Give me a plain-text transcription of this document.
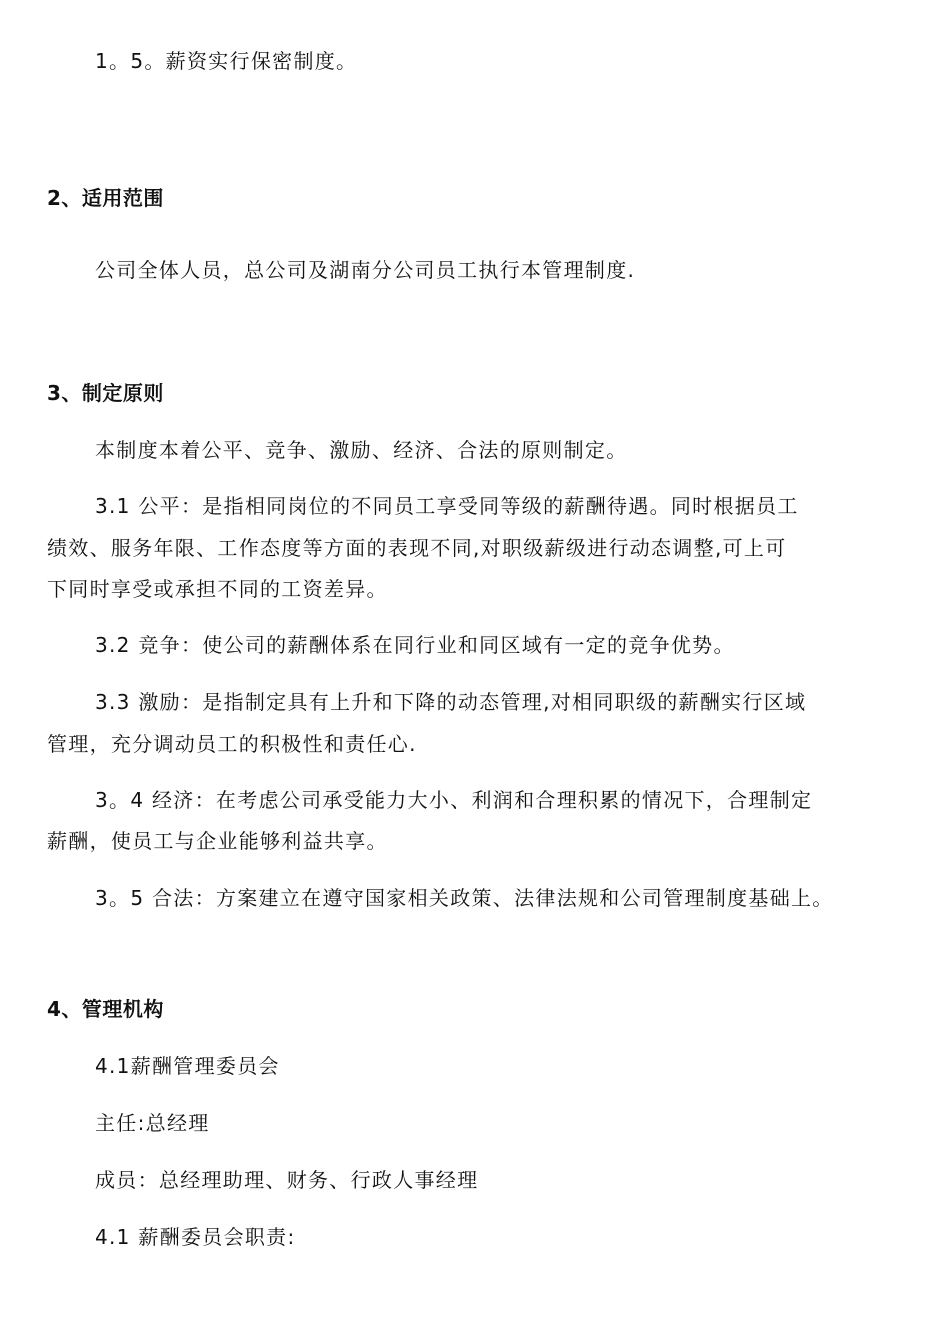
1。5。薪资实行保密制度。

2、适用范围

公司全体人员，总公司及湖南分公司员工执行本管理制度.

3、制定原则

本制度本着公平、竞争、激励、经济、合法的原则制定。

3.1 公平：是指相同岗位的不同员工享受同等级的薪酬待遇。同时根据员工

绩效、服务年限、工作态度等方面的表现不同,对职级薪级进行动态调整,可上可

下同时享受或承担不同的工资差异。

3.2 竞争：使公司的薪酬体系在同行业和同区域有一定的竞争优势。

3.3 激励：是指制定具有上升和下降的动态管理,对相同职级的薪酬实行区域

管理，充分调动员工的积极性和责任心.

3。4 经济：在考虑公司承受能力大小、利润和合理积累的情况下，合理制定

薪酬，使员工与企业能够利益共享。

3。5 合法：方案建立在遵守国家相关政策、法律法规和公司管理制度基础上。

4、管理机构

4.1薪酬管理委员会

主任:总经理

成员：总经理助理、财务、行政人事经理

4.1 薪酬委员会职责:
